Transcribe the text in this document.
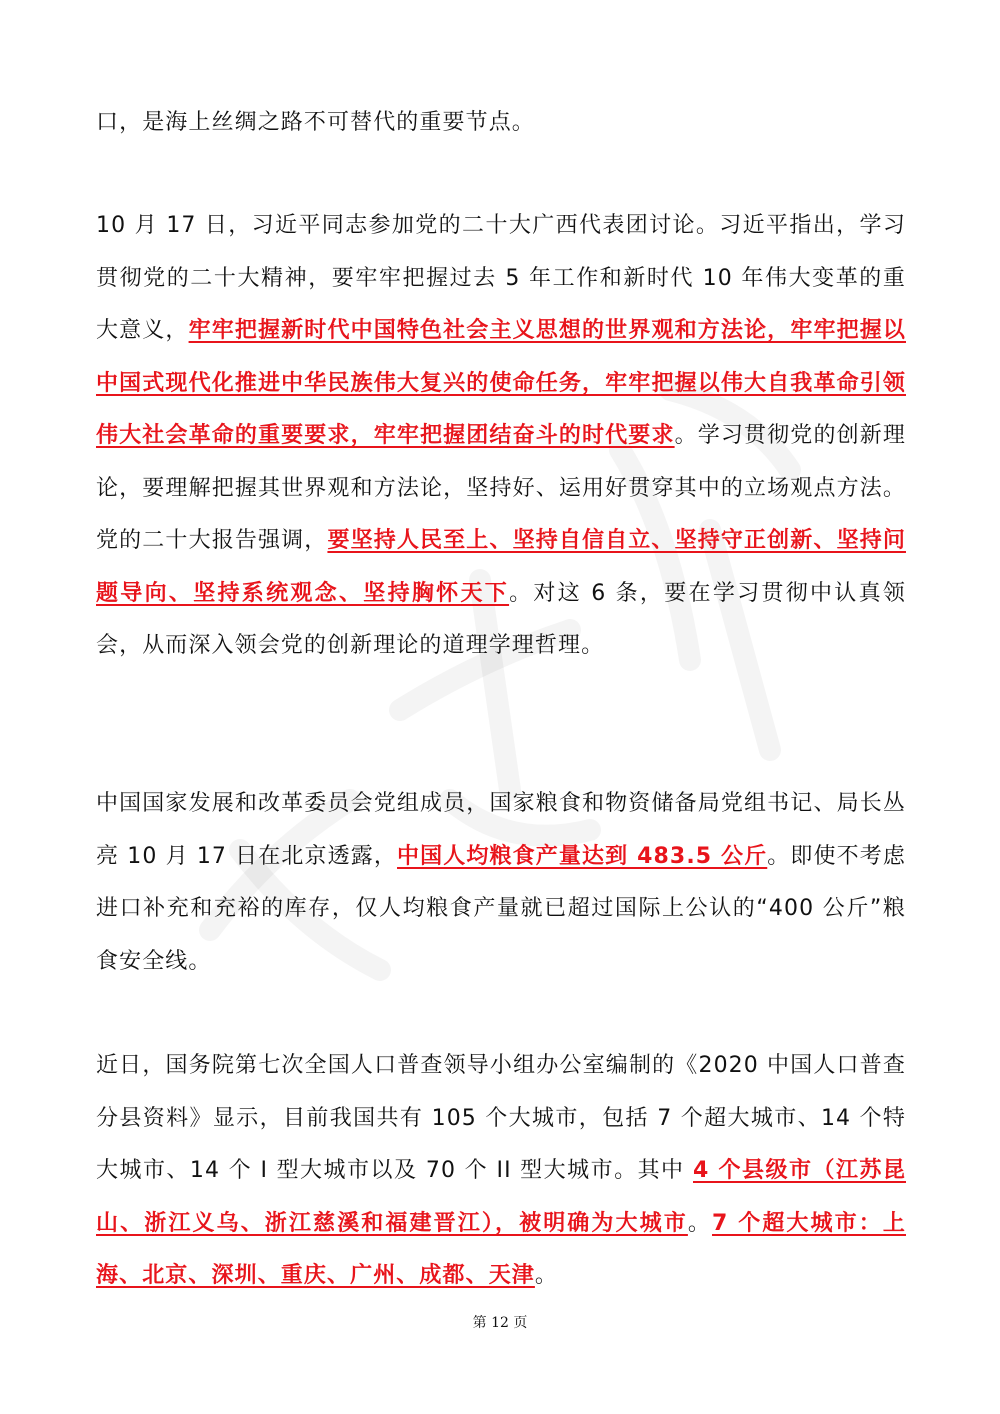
口，是海上丝绸之路不可替代的重要节点。
10 月 17 日，习近平同志参加党的二十大广西代表团讨论。习近平指出，学习贯彻党的二十大精神，要牢牢把握过去 5 年工作和新时代 10 年伟大变革的重大意义，牢牢把握新时代中国特色社会主义思想的世界观和方法论，牢牢把握以中国式现代化推进中华民族伟大复兴的使命任务，牢牢把握以伟大自我革命引领伟大社会革命的重要要求，牢牢把握团结奋斗的时代要求。学习贯彻党的创新理论，要理解把握其世界观和方法论，坚持好、运用好贯穿其中的立场观点方法。党的二十大报告强调，要坚持人民至上、坚持自信自立、坚持守正创新、坚持问题导向、坚持系统观念、坚持胸怀天下。对这 6 条，要在学习贯彻中认真领会，从而深入领会党的创新理论的道理学理哲理。
中国国家发展和改革委员会党组成员，国家粮食和物资储备局党组书记、局长丛亮 10 月 17 日在北京透露，中国人均粮食产量达到 483.5 公斤。即使不考虑进口补充和充裕的库存，仅人均粮食产量就已超过国际上公认的“400 公斤”粮食安全线。
近日，国务院第七次全国人口普查领导小组办公室编制的《2020 中国人口普查分县资料》显示，目前我国共有 105 个大城市，包括 7 个超大城市、14 个特大城市、14 个 I 型大城市以及 70 个 II 型大城市。其中 4 个县级市（江苏昆山、浙江义乌、浙江慈溪和福建晋江），被明确为大城市。7 个超大城市：上海、北京、深圳、重庆、广州、成都、天津。
第 12 页
